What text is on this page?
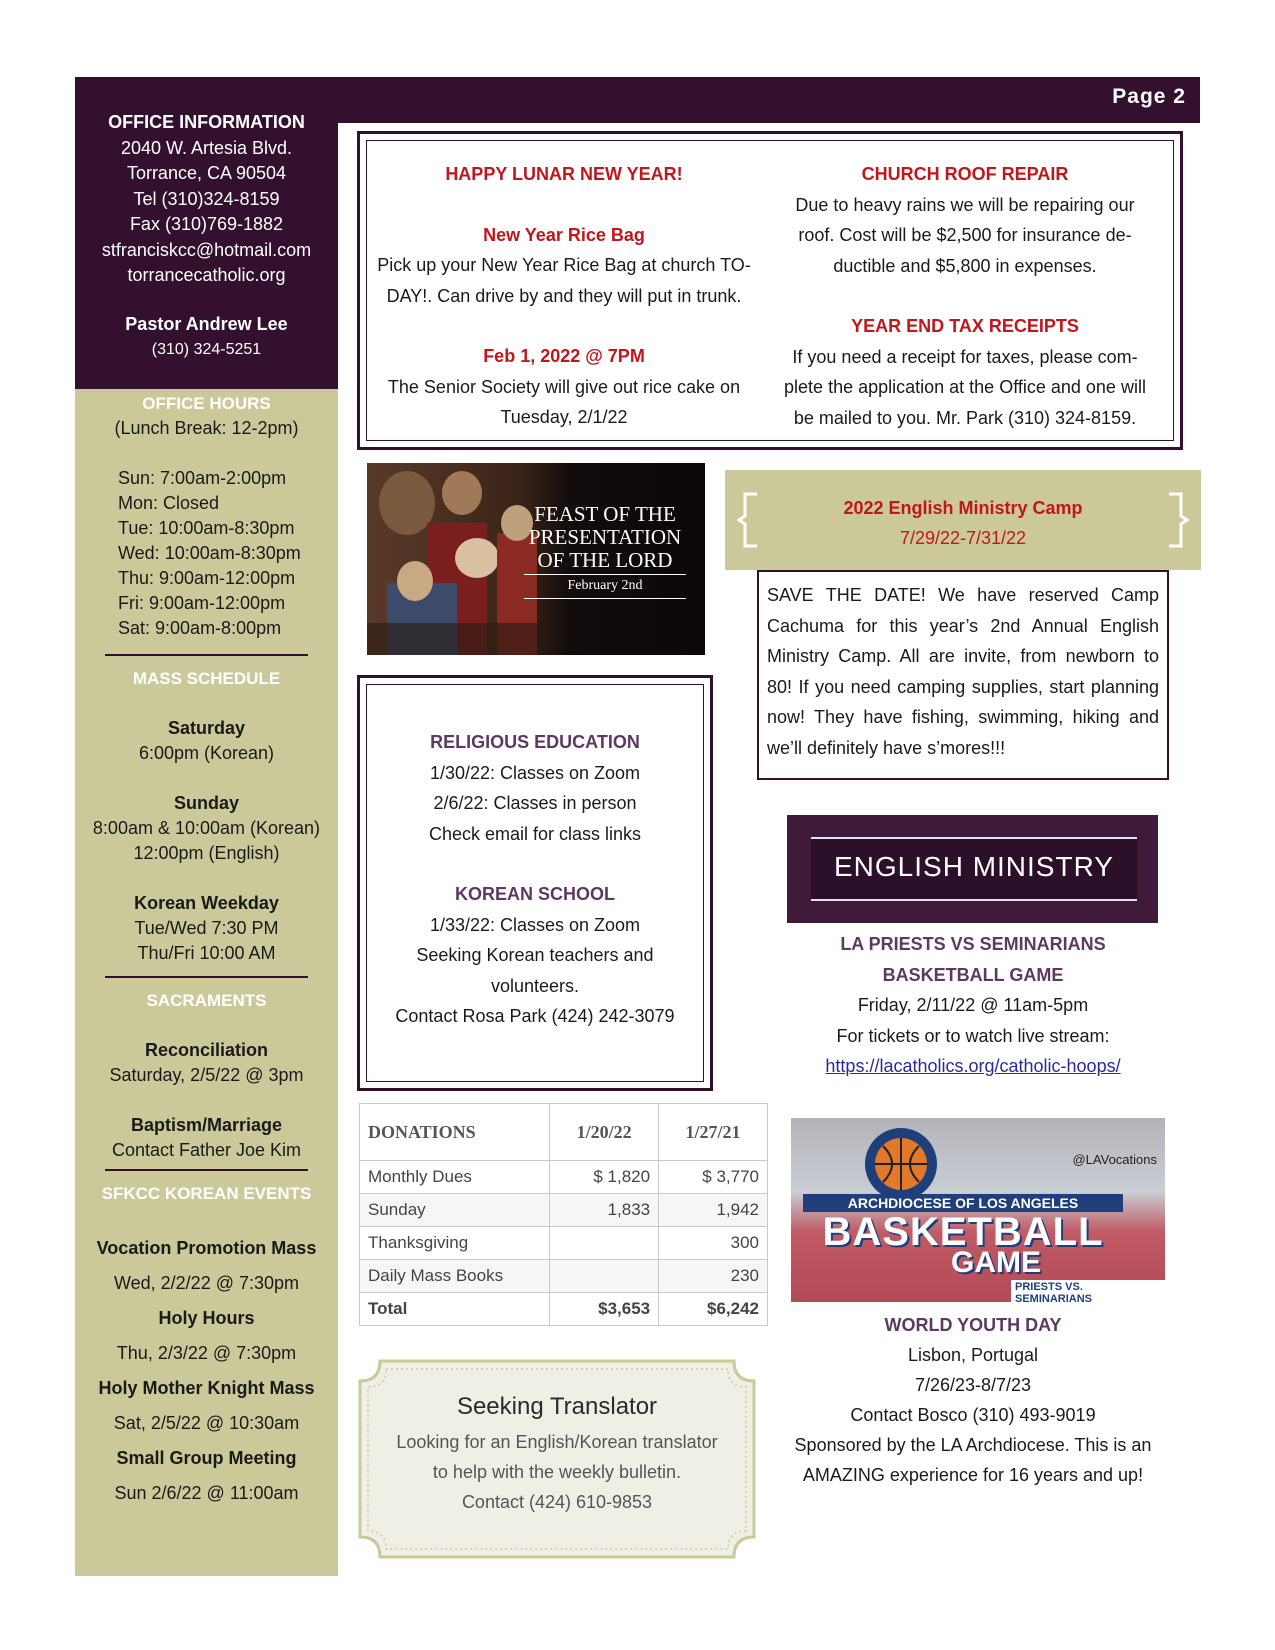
Page 2
OFFICE INFORMATION
2040 W. Artesia Blvd.
Torrance, CA 90504
Tel (310)324-8159
Fax (310)769-1882
stfranciskcc@hotmail.com
torrancecatholic.org
Pastor Andrew Lee
(310) 324-5251
OFFICE HOURS
(Lunch Break: 12-2pm)
Sun: 7:00am-2:00pm
Mon: Closed
Tue: 10:00am-8:30pm
Wed: 10:00am-8:30pm
Thu: 9:00am-12:00pm
Fri: 9:00am-12:00pm
Sat: 9:00am-8:00pm
MASS SCHEDULE
Saturday
6:00pm (Korean)
Sunday
8:00am & 10:00am (Korean)
12:00pm (English)
Korean Weekday
Tue/Wed 7:30 PM
Thu/Fri 10:00 AM
SACRAMENTS
Reconciliation
Saturday, 2/5/22 @ 3pm
Baptism/Marriage
Contact Father Joe Kim
SFKCC KOREAN EVENTS
Vocation Promotion Mass
Wed, 2/2/22 @ 7:30pm
Holy Hours
Thu, 2/3/22 @ 7:30pm
Holy Mother Knight Mass
Sat, 2/5/22 @ 10:30am
Small Group Meeting
Sun 2/6/22 @ 11:00am
HAPPY LUNAR NEW YEAR!
New Year Rice Bag
Pick up your New Year Rice Bag at church TO-
DAY!. Can drive by and they will put in trunk.
Feb 1, 2022 @ 7PM
The Senior Society will give out rice cake on
Tuesday, 2/1/22
CHURCH ROOF REPAIR
Due to heavy rains we will be repairing our
roof. Cost will be $2,500 for insurance de-
ductible and $5,800 in expenses.
YEAR END TAX RECEIPTS
If you need a receipt for taxes, please com-
plete the application at the Office and one will
be mailed to you. Mr. Park (310) 324-8159.
FEAST OF THE
PRESENTATION
OF THE LORD
February 2nd
2022 English Ministry Camp
7/29/22-7/31/22
SAVE THE DATE! We have reserved Camp Cachuma for this year’s 2nd Annual English Ministry Camp. All are invite, from newborn to 80! If you need camping supplies, start planning now! They have fishing, swimming, hiking and we’ll definitely have s’mores!!!
RELIGIOUS EDUCATION
1/30/22: Classes on Zoom
2/6/22: Classes in person
Check email for class links
KOREAN SCHOOL
1/33/22: Classes on Zoom
Seeking Korean teachers and
volunteers.
Contact Rosa Park (424) 242-3079
ENGLISH MINISTRY
LA PRIESTS VS SEMINARIANS
BASKETBALL GAME
Friday, 2/11/22 @ 11am-5pm
For tickets or to watch live stream:
https://lacatholics.org/catholic-hoops/
@LAVocations
ARCHDIOCESE OF LOS ANGELES
BASKETBALL
GAME
PRIESTS VS. SEMINARIANS
DONATIONS	1/20/22	1/27/21
Monthly Dues	$ 1,820	$ 3,770
Sunday	1,833	1,942
Thanksgiving		300
Daily Mass Books		230
Total	$3,653	$6,242
Seeking Translator
Looking for an English/Korean translator
to help with the weekly bulletin.
Contact (424) 610-9853
WORLD YOUTH DAY
Lisbon, Portugal
7/26/23-8/7/23
Contact Bosco (310) 493-9019
Sponsored by the LA Archdiocese. This is an
AMAZING experience for 16 years and up!
